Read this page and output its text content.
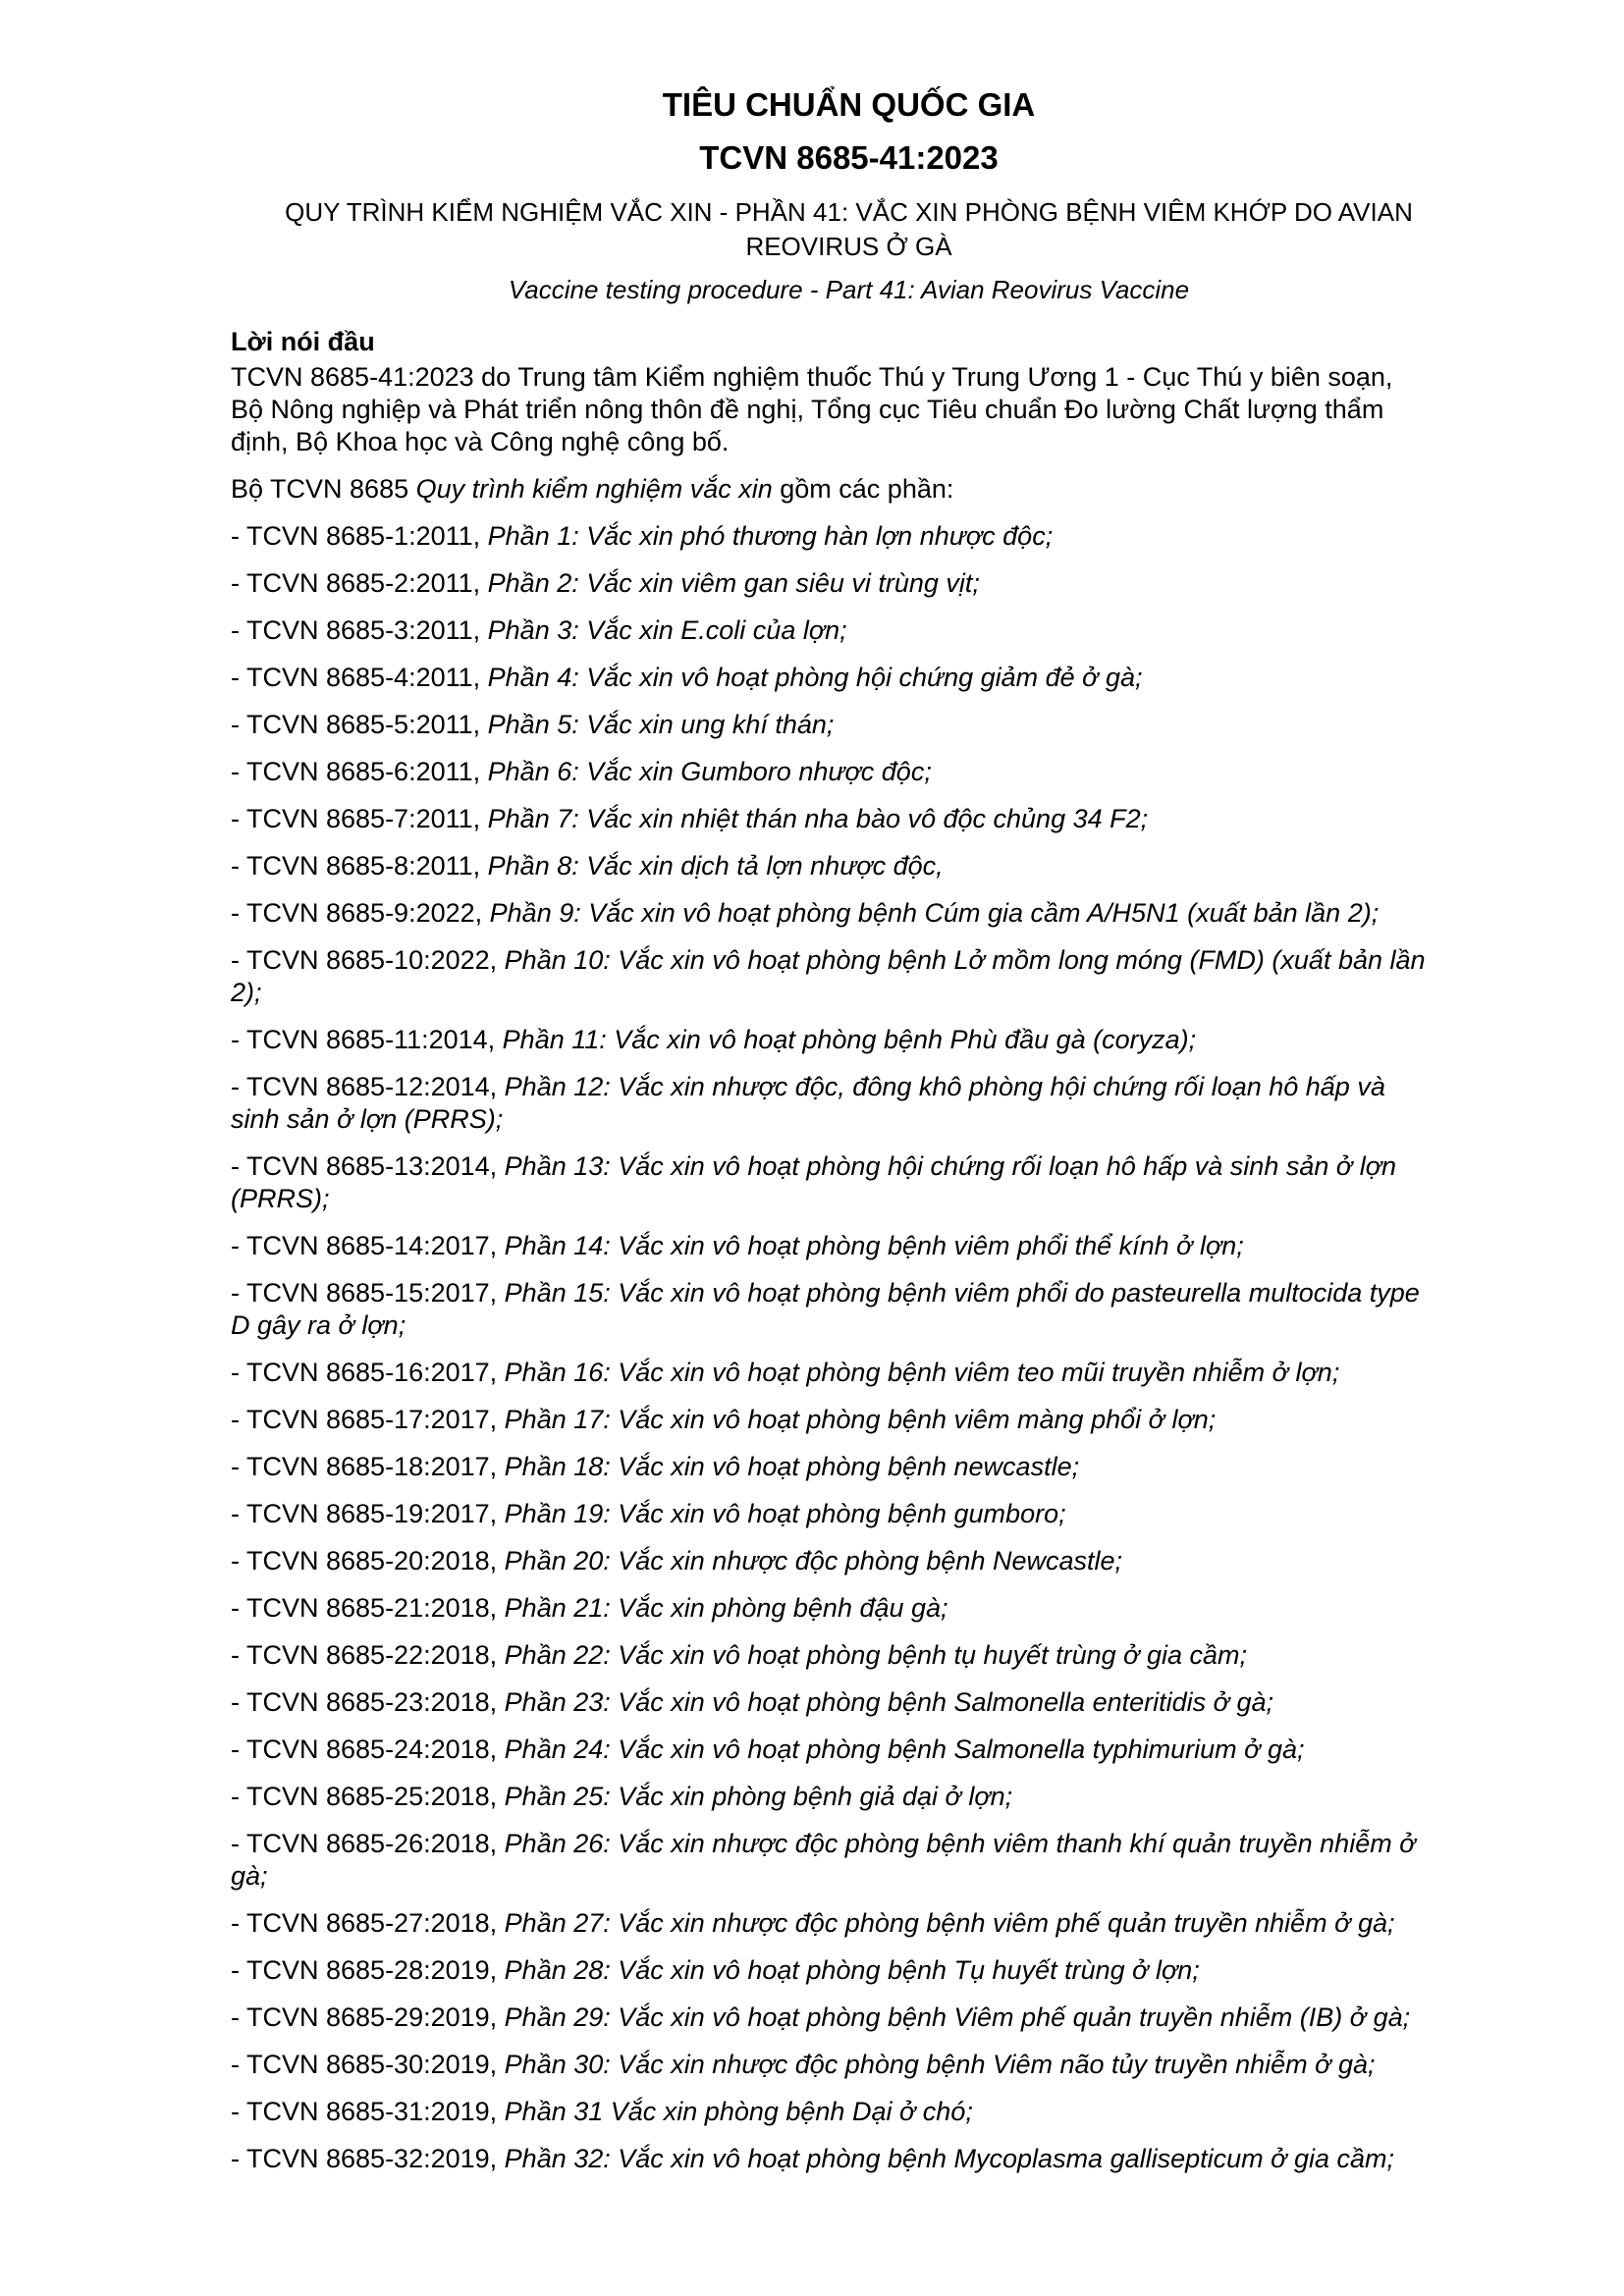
TIÊU CHUẨN QUỐC GIA
TCVN 8685-41:2023
QUY TRÌNH KIỂM NGHIỆM VẮC XIN - PHẦN 41: VẮC XIN PHÒNG BỆNH VIÊM KHỚP DO AVIAN REOVIRUS Ở GÀ
Vaccine testing procedure - Part 41: Avian Reovirus Vaccine
Lời nói đầu

TCVN 8685-41:2023 do Trung tâm Kiểm nghiệm thuốc Thú y Trung Ương 1 - Cục Thú y biên soạn, Bộ Nông nghiệp và Phát triển nông thôn đề nghị, Tổng cục Tiêu chuẩn Đo lường Chất lượng thẩm định, Bộ Khoa học và Công nghệ công bố.

Bộ TCVN 8685 Quy trình kiểm nghiệm vắc xin gồm các phần:

- TCVN 8685-1:2011, Phần 1: Vắc xin phó thương hàn lợn nhược độc;
- TCVN 8685-2:2011, Phần 2: Vắc xin viêm gan siêu vi trùng vịt;
- TCVN 8685-3:2011, Phần 3: Vắc xin E.coli của lợn;
- TCVN 8685-4:2011, Phần 4: Vắc xin vô hoạt phòng hội chứng giảm đẻ ở gà;
- TCVN 8685-5:2011, Phần 5: Vắc xin ung khí thán;
- TCVN 8685-6:2011, Phần 6: Vắc xin Gumboro nhược độc;
- TCVN 8685-7:2011, Phần 7: Vắc xin nhiệt thán nha bào vô độc chủng 34 F2;
- TCVN 8685-8:2011, Phần 8: Vắc xin dịch tả lợn nhược độc,
- TCVN 8685-9:2022, Phần 9: Vắc xin vô hoạt phòng bệnh Cúm gia cầm A/H5N1 (xuất bản lần 2);
- TCVN 8685-10:2022, Phần 10: Vắc xin vô hoạt phòng bệnh Lở mồm long móng (FMD) (xuất bản lần 2);
- TCVN 8685-11:2014, Phần 11: Vắc xin vô hoạt phòng bệnh Phù đầu gà (coryza);
- TCVN 8685-12:2014, Phần 12: Vắc xin nhược độc, đông khô phòng hội chứng rối loạn hô hấp và sinh sản ở lợn (PRRS);
- TCVN 8685-13:2014, Phần 13: Vắc xin vô hoạt phòng hội chứng rối loạn hô hấp và sinh sản ở lợn (PRRS);
- TCVN 8685-14:2017, Phần 14: Vắc xin vô hoạt phòng bệnh viêm phổi thể kính ở lợn;
- TCVN 8685-15:2017, Phần 15: Vắc xin vô hoạt phòng bệnh viêm phổi do pasteurella multocida type D gây ra ở lợn;
- TCVN 8685-16:2017, Phần 16: Vắc xin vô hoạt phòng bệnh viêm teo mũi truyền nhiễm ở lợn;
- TCVN 8685-17:2017, Phần 17: Vắc xin vô hoạt phòng bệnh viêm màng phổi ở lợn;
- TCVN 8685-18:2017, Phần 18: Vắc xin vô hoạt phòng bệnh newcastle;
- TCVN 8685-19:2017, Phần 19: Vắc xin vô hoạt phòng bệnh gumboro;
- TCVN 8685-20:2018, Phần 20: Vắc xin nhược độc phòng bệnh Newcastle;
- TCVN 8685-21:2018, Phần 21: Vắc xin phòng bệnh đậu gà;
- TCVN 8685-22:2018, Phần 22: Vắc xin vô hoạt phòng bệnh tụ huyết trùng ở gia cầm;
- TCVN 8685-23:2018, Phần 23: Vắc xin vô hoạt phòng bệnh Salmonella enteritidis ở gà;
- TCVN 8685-24:2018, Phần 24: Vắc xin vô hoạt phòng bệnh Salmonella typhimurium ở gà;
- TCVN 8685-25:2018, Phần 25: Vắc xin phòng bệnh giả dại ở lợn;
- TCVN 8685-26:2018, Phần 26: Vắc xin nhược độc phòng bệnh viêm thanh khí quản truyền nhiễm ở gà;
- TCVN 8685-27:2018, Phần 27: Vắc xin nhược độc phòng bệnh viêm phế quản truyền nhiễm ở gà;
- TCVN 8685-28:2019, Phần 28: Vắc xin vô hoạt phòng bệnh Tụ huyết trùng ở lợn;
- TCVN 8685-29:2019, Phần 29: Vắc xin vô hoạt phòng bệnh Viêm phế quản truyền nhiễm (IB) ở gà;
- TCVN 8685-30:2019, Phần 30: Vắc xin nhược độc phòng bệnh Viêm não tủy truyền nhiễm ở gà;
- TCVN 8685-31:2019, Phần 31 Vắc xin phòng bệnh Dại ở chó;
- TCVN 8685-32:2019, Phần 32: Vắc xin vô hoạt phòng bệnh Mycoplasma gallisepticum ở gia cầm;
